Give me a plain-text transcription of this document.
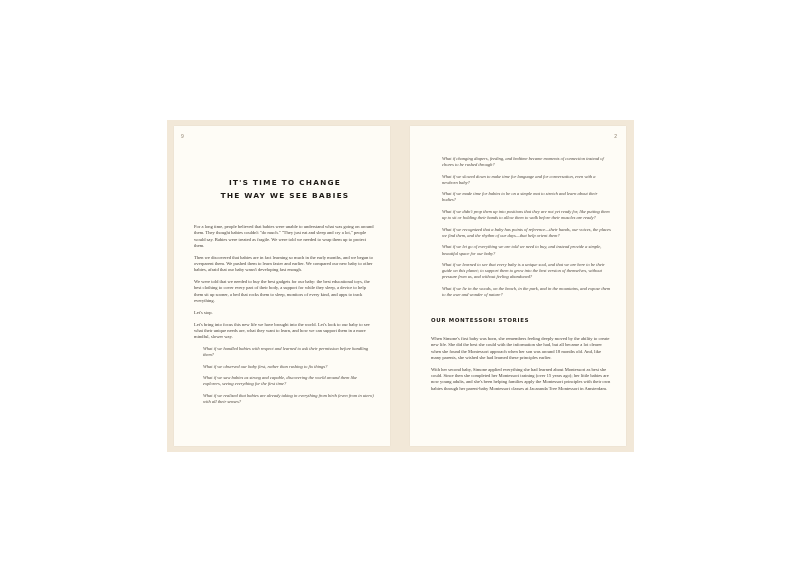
9
IT'S TIME TO CHANGE
THE WAY WE SEE BABIES

For a long time, people believed that babies were unable to understand what was going on around them. They thought babies couldn't "do much." "They just eat and sleep and cry a lot," people would say. Babies were treated as fragile. We were told we needed to wrap them up to protect them.

Then we discovered that babies are in fact learning so much in the early months, and we began to overparent them. We pushed them to learn faster and earlier. We compared our new baby to other babies, afraid that our baby wasn't developing fast enough.

We were told that we needed to buy the best gadgets for our baby: the best educational toys, the best clothing to cover every part of their body, a support for while they sleep, a device to help them sit up sooner, a bed that rocks them to sleep, monitors of every kind, and apps to track everything.

Let's stop.

Let's bring into focus this new life we have brought into the world. Let's look to our baby to see what their unique needs are, what they want to learn, and how we can support them in a more mindful, slower way.

What if we handled babies with respect and learned to ask their permission before handling them?

What if we observed our baby first, rather than rushing to fix things?

What if we saw babies as strong and capable, discovering the world around them like explorers, seeing everything for the first time?

What if we realized that babies are already taking in everything from birth (even from in utero) with all their senses?

2

What if changing diapers, feeding, and bedtime became moments of connection instead of chores to be rushed through?

What if we slowed down to make time for language and for conversation, even with a newborn baby?

What if we made time for babies to be on a simple mat to stretch and learn about their bodies?

What if we didn't prop them up into positions that they are not yet ready for, like putting them up to sit or holding their hands to allow them to walk before their muscles are ready?

What if we recognized that a baby has points of reference—their hands, our voices, the places we find them, and the rhythm of our days—that help orient them?

What if we let go of everything we are told we need to buy, and instead provide a simple, beautiful space for our baby?

What if we learned to see that every baby is a unique soul, and that we are here to be their guide on this planet; to support them to grow into the best version of themselves, without pressure from us, and without feeling abandoned?

What if we lie in the woods, on the beach, in the park, and in the mountains, and expose them to the awe and wonder of nature?

OUR MONTESSORI STORIES

When Simone's first baby was born, she remembers feeling deeply moved by the ability to create new life. She did the best she could with the information she had, but all became a lot clearer when she found the Montessori approach when her son was around 18 months old. And, like many parents, she wished she had learned these principles earlier.

With her second baby, Simone applied everything she had learned about Montessori as best she could. Since then she completed her Montessori training (over 15 years ago); her little babies are now young adults, and she's been helping families apply the Montessori principles with their own babies through her parent-baby Montessori classes at Jacaranda Tree Montessori in Amsterdam.
